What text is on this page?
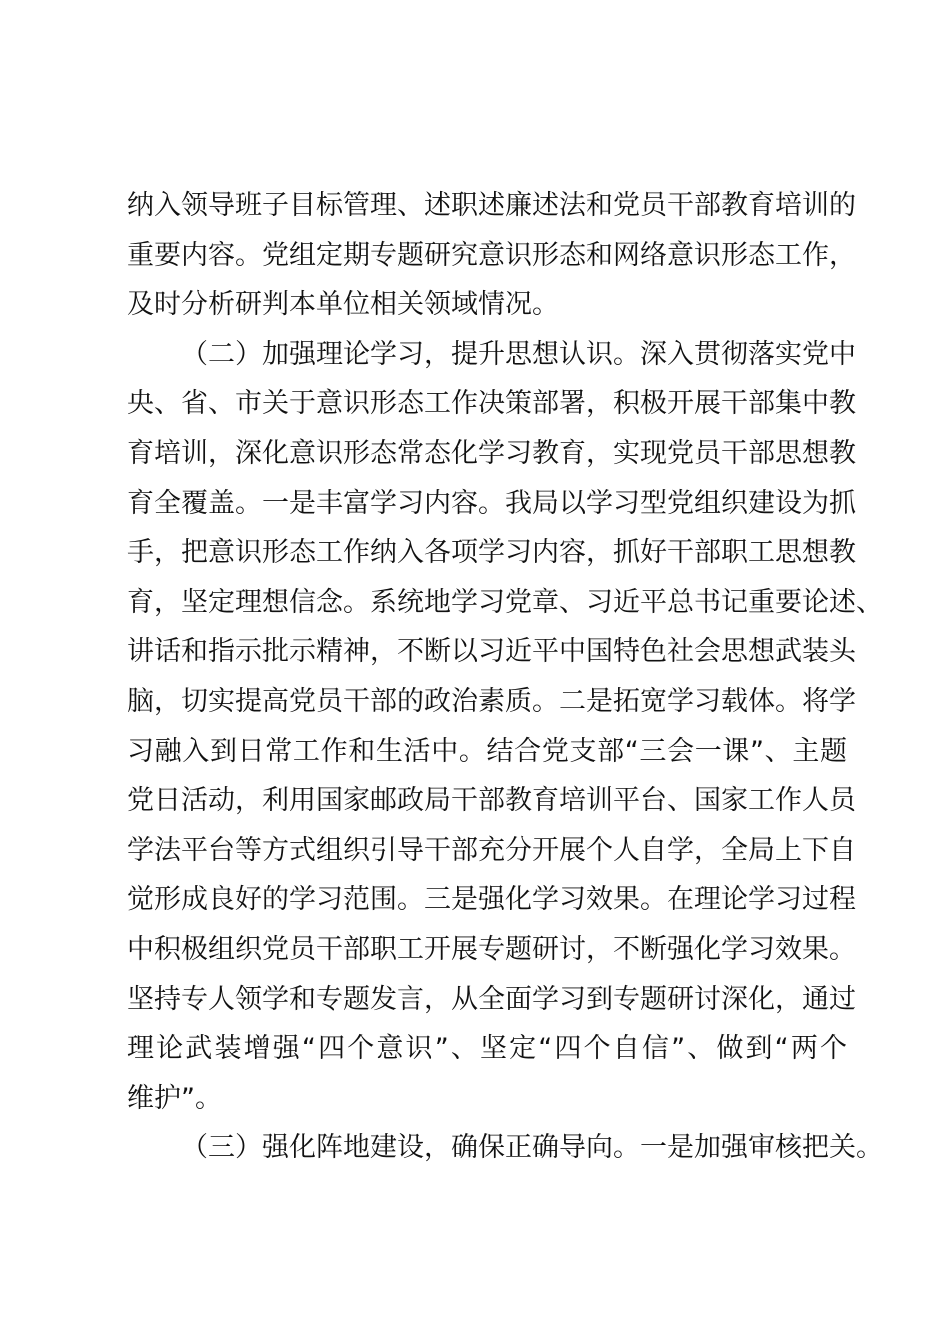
纳入领导班子目标管理、述职述廉述法和党员干部教育培训的
重要内容。党组定期专题研究意识形态和网络意识形态工作，
及时分析研判本单位相关领域情况。
（二）加强理论学习，提升思想认识。深入贯彻落实党中
央、省、市关于意识形态工作决策部署，积极开展干部集中教
育培训，深化意识形态常态化学习教育，实现党员干部思想教
育全覆盖。一是丰富学习内容。我局以学习型党组织建设为抓
手，把意识形态工作纳入各项学习内容，抓好干部职工思想教
育，坚定理想信念。系统地学习党章、习近平总书记重要论述、
讲话和指示批示精神，不断以习近平中国特色社会思想武装头
脑，切实提高党员干部的政治素质。二是拓宽学习载体。将学
习融入到日常工作和生活中。结合党支部“三会一课”、主题
党日活动，利用国家邮政局干部教育培训平台、国家工作人员
学法平台等方式组织引导干部充分开展个人自学，全局上下自
觉形成良好的学习范围。三是强化学习效果。在理论学习过程
中积极组织党员干部职工开展专题研讨，不断强化学习效果。
坚持专人领学和专题发言，从全面学习到专题研讨深化，通过
理论武装增强“四个意识”、坚定“四个自信”、做到“两个
维护”。
（三）强化阵地建设，确保正确导向。一是加强审核把关。
